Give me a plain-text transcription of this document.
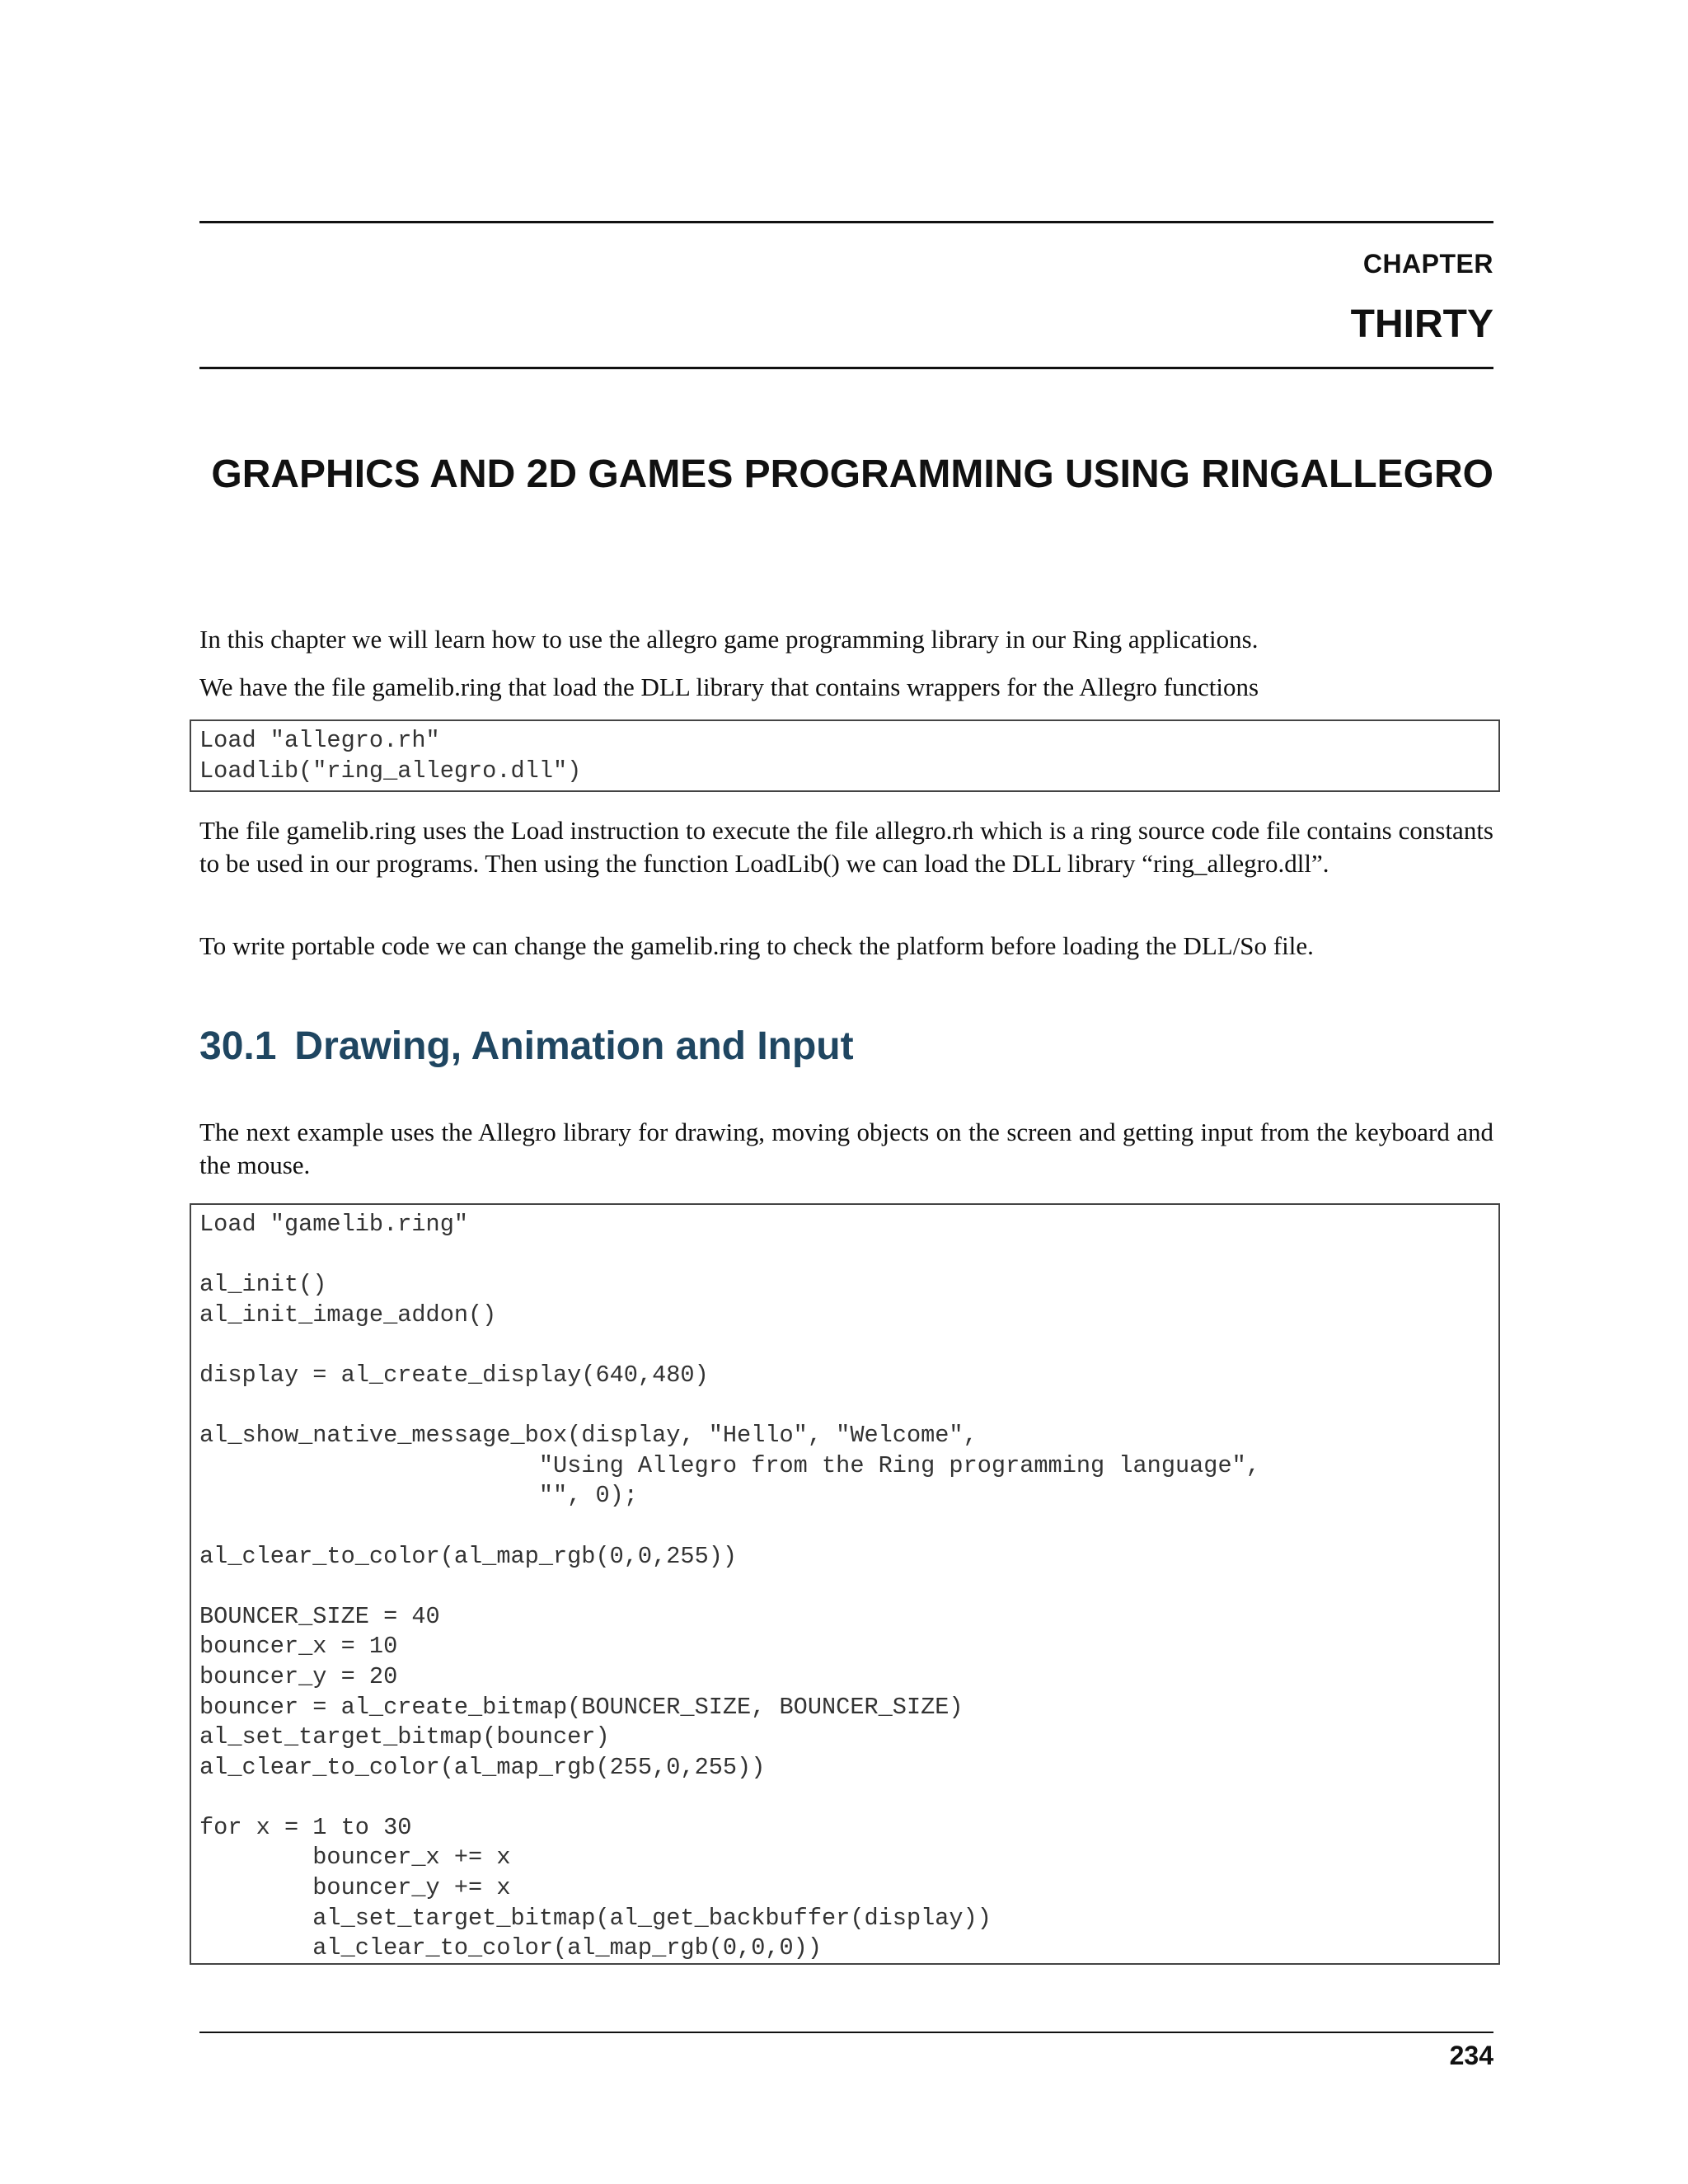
CHAPTER
THIRTY
GRAPHICS AND 2D GAMES PROGRAMMING USING RINGALLEGRO

In this chapter we will learn how to use the allegro game programming library in our Ring applications.

We have the file gamelib.ring that load the DLL library that contains wrappers for the Allegro functions

Load "allegro.rh"
Loadlib("ring_allegro.dll")

The file gamelib.ring uses the Load instruction to execute the file allegro.rh which is a ring source code file contains constants to be used in our programs. Then using the function LoadLib() we can load the DLL library “ring_allegro.dll”.

To write portable code we can change the gamelib.ring to check the platform before loading the DLL/So file.

30.1 Drawing, Animation and Input

The next example uses the Allegro library for drawing, moving objects on the screen and getting input from the keyboard and the mouse.

Load "gamelib.ring"

al_init()
al_init_image_addon()

display = al_create_display(640,480)

al_show_native_message_box(display, "Hello", "Welcome",
"Using Allegro from the Ring programming language",
"", 0);

al_clear_to_color(al_map_rgb(0,0,255))

BOUNCER_SIZE = 40
bouncer_x = 10
bouncer_y = 20
bouncer = al_create_bitmap(BOUNCER_SIZE, BOUNCER_SIZE)
al_set_target_bitmap(bouncer)
al_clear_to_color(al_map_rgb(255,0,255))

for x = 1 to 30
bouncer_x += x
bouncer_y += x
al_set_target_bitmap(al_get_backbuffer(display))
al_clear_to_color(al_map_rgb(0,0,0))
234
